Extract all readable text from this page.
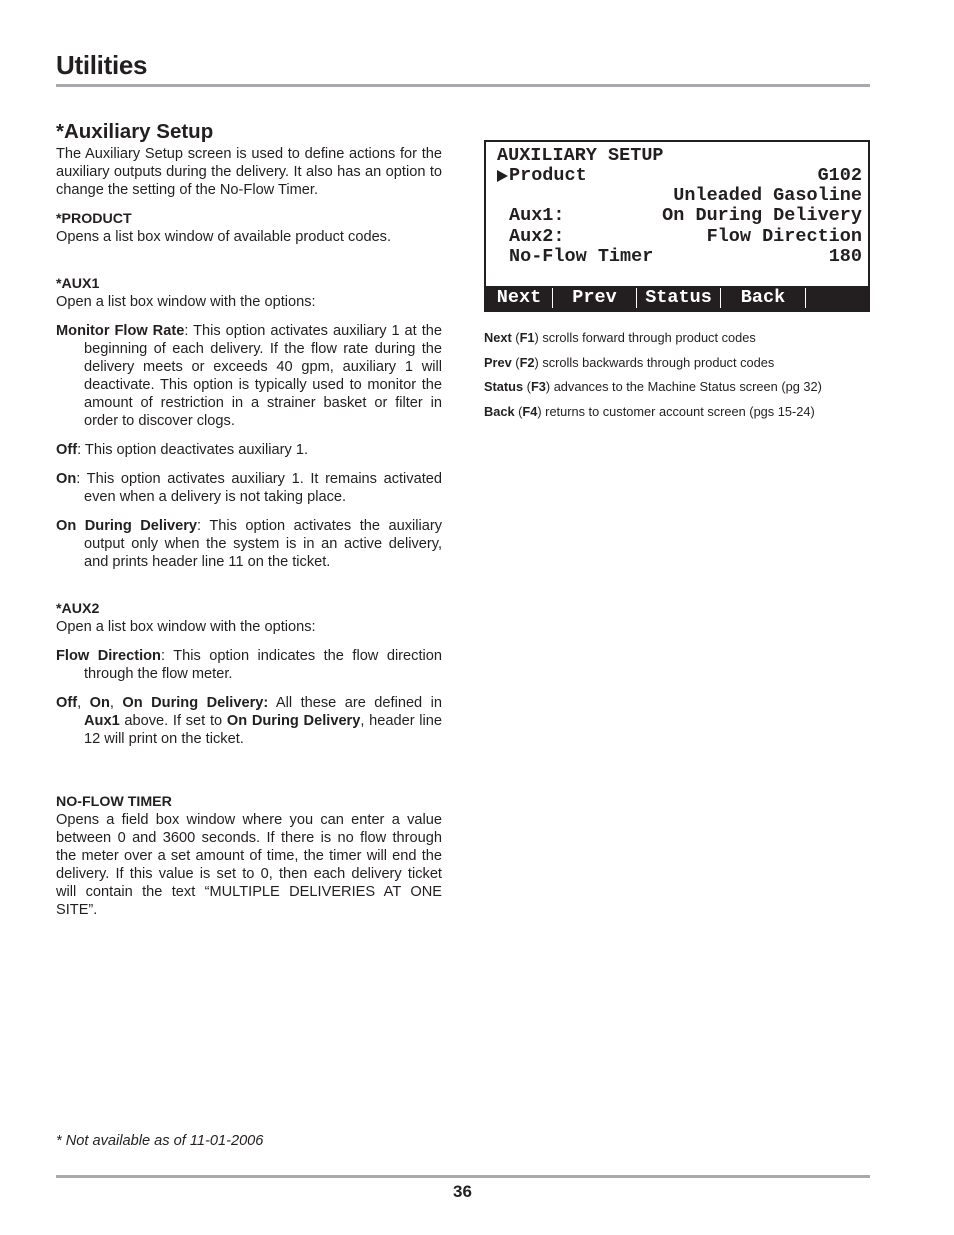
Utilities
*Auxiliary Setup

The Auxiliary Setup screen is used to define actions for the auxiliary outputs during the delivery. It also has an option to change the setting of the No-Flow Timer.

*PRODUCT

Opens a list box window of available product codes.

*AUX1

Open a list box window with the options:

Monitor Flow Rate: This option activates auxiliary 1 at the beginning of each delivery. If the flow rate during the delivery meets or exceeds 40 gpm, auxiliary 1 will deactivate. This option is typically used to monitor the amount of restriction in a strainer basket or filter in order to discover clogs.

Off: This option deactivates auxiliary 1.

On: This option activates auxiliary 1. It remains activated even when a delivery is not taking place.

On During Delivery: This option activates the auxiliary output only when the system is in an active delivery, and prints header line 11 on the ticket.

*AUX2

Open a list box window with the options:

Flow Direction: This option indicates the flow direction through the flow meter.

Off, On, On During Delivery: All these are defined in Aux1 above. If set to On During Delivery, header line 12 will print on the ticket.

NO-FLOW TIMER

Opens a field box window where you can enter a value between 0 and 3600 seconds. If there is no flow through the meter over a set amount of time, the timer will end the delivery. If this value is set to 0, then each delivery ticket will contain the text “MULTIPLE DELIVERIES AT ONE SITE”.

AUXILIARY SETUP

Product

	G102

Unleaded Gasoline

Aux1:

	On During Delivery

Aux2:

	Flow Direction

No-Flow Timer

	180

Next	Prev	Status	Back

Next (F1) scrolls forward through product codes

Prev (F2) scrolls backwards through product codes

Status (F3) advances to the Machine Status screen (pg 32)

Back (F4) returns to customer account screen (pgs 15-24)

* Not available as of 11-01-2006
36
